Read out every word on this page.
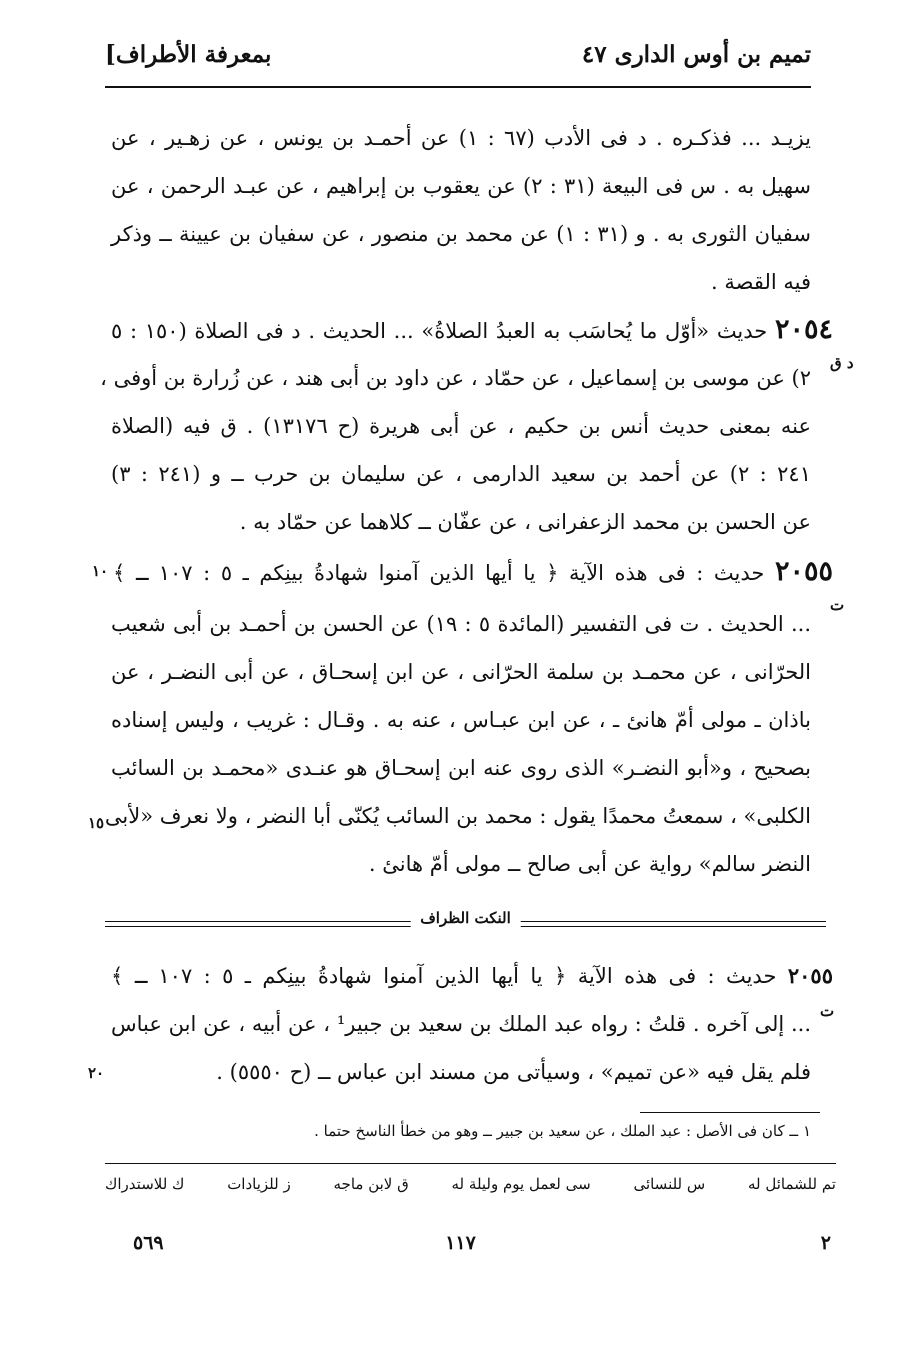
بمعرفة الأطراف]	تميم بن أوس الدارى ٤٧
يزيـد ... فذكـره . د فى الأدب (٦٧ : ١) عن أحمـد بن يونس ، عن زهـير ، عن
سهيل به . س فى البيعة (٣١ : ٢) عن يعقوب بن إبراهيم ، عن عبـد الرحمن ، عن
سفيان الثورى به . و (٣١ : ١) عن محمد بن منصور ، عن سفيان بن عيينة ــ وذكر
فيه القصة .
٢٠٥٤ حديث «أوّل ما يُحاسَب به العبدُ الصلاةُ» ... الحديث . د فى الصلاة (١٥٠ : ٥
٢) عن موسى بن إسماعيل ، عن حمّاد ، عن داود بن أبى هند ، عن زُرارة بن أوفى ،
عنه بمعنى حديث أنس بن حكيم ، عن أبى هريرة (ح ١٣١٧٦) . ق فيه (الصلاة
٢٤١ : ٢) عن أحمد بن سعيد الدارمى ، عن سليمان بن حرب ــ و (٢٤١ : ٣)
عن الحسن بن محمد الزعفرانى ، عن عفّان ــ كلاهما عن حمّاد به .
د ق
٢٠٥٥ حديث : فى هذه الآية ﴿ يا أيها الذين آمنوا شهادةُ بينِكم ـ ٥ : ١٠٧ ـ ﴾
١٠
ت
... الحديث . ت فى التفسير (المائدة ٥ : ١٩) عن الحسن بن أحمـد بن أبى شعيب
الحرّانى ، عن محمـد بن سلمة الحرّانى ، عن ابن إسحـاق ، عن أبى النضـر ، عن
باذان ـ مولى أمّ هانئ ـ ، عن ابن عبـاس ، عنه به . وقـال : غريب ، وليس إسناده
بصحيح ، و«أبو النضـر» الذى روى عنه ابن إسحـاق هو عنـدى «محمـد بن السائب
الكلبى» ، سمعتُ محمدًا يقول : محمد بن السائب يُكنّى أبا النضر ، ولا نعرف «لأبى
النضر سالم» رواية عن أبى صالح ــ مولى أمّ هانئ .
١٥
النكت الظراف
٢٠٥٥ حديث : فى هذه الآية ﴿ يا أيها الذين آمنوا شهادةُ بينِكم ـ ٥ : ١٠٧ ـ ﴾
ت
... إلى آخره . قلتُ : رواه عبد الملك بن سعيد بن جبير¹ ، عن أبيه ، عن ابن عباس
فلم يقل فيه «عن تميم» ، وسيأتى من مسند ابن عباس ــ (ح ٥٥٥٠) .
٢٠
١ ــ كان فى الأصل : عبد الملك ، عن سعيد بن جبير ــ وهو من خطأ الناسخ حتما .
تم للشمائل له
س للنسائى
سى لعمل يوم وليلة له
ق لابن ماجه
ز للزيادات
ك للاستدراك
٢
١١٧
٥٦٩
